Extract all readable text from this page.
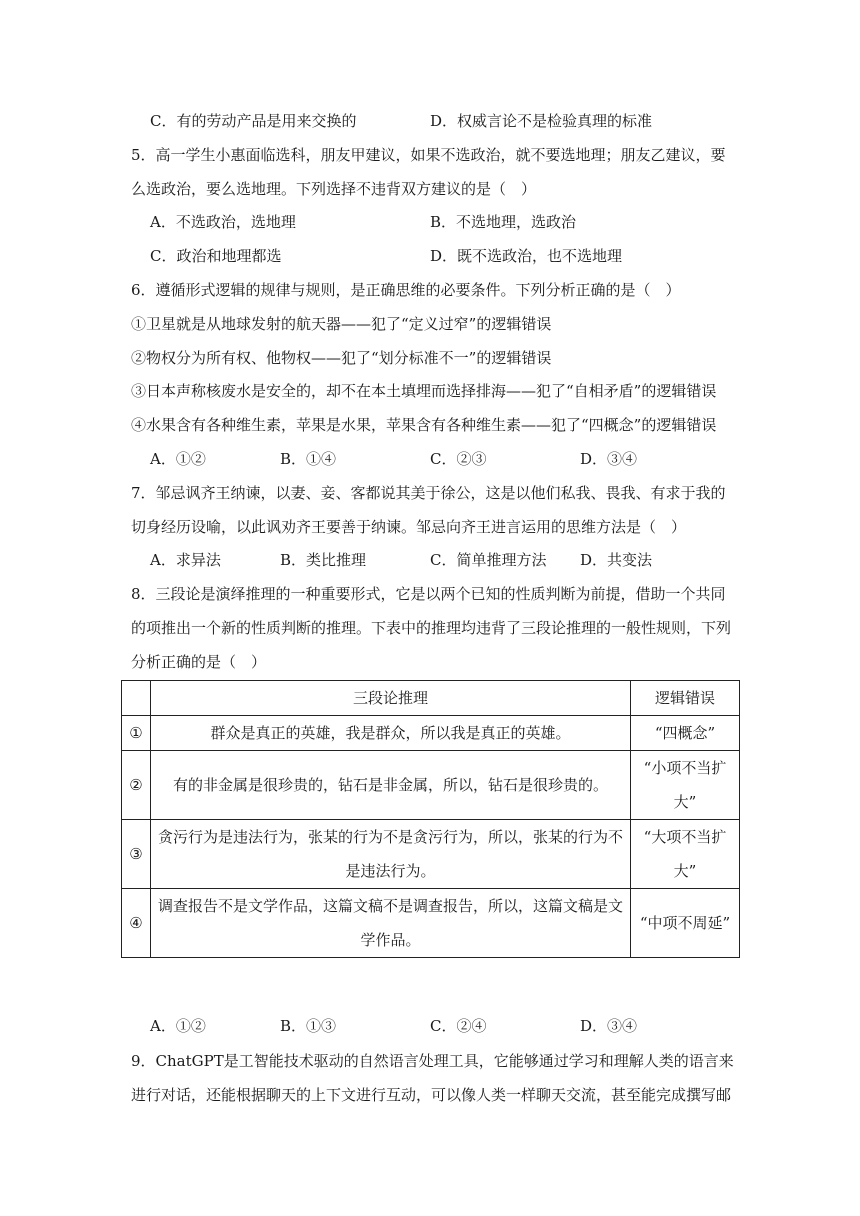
C．有的劳动产品是用来交换的	D．权威言论不是检验真理的标准
5．高一学生小惠面临选科，朋友甲建议，如果不选政治，就不要选地理；朋友乙建议，要
么选政治，要么选地理。下列选择不违背双方建议的是（　）
A．不选政治，选地理	B．不选地理，选政治
C．政治和地理都选	D．既不选政治，也不选地理
6．遵循形式逻辑的规律与规则，是正确思维的必要条件。下列分析正确的是（　）
①卫星就是从地球发射的航天器——犯了“定义过窄”的逻辑错误
②物权分为所有权、他物权——犯了“划分标准不一”的逻辑错误
③日本声称核废水是安全的，却不在本土填埋而选择排海——犯了“自相矛盾”的逻辑错误
④水果含有各种维生素，苹果是水果，苹果含有各种维生素——犯了“四概念”的逻辑错误
A．①②	B．①④	C．②③	D．③④
7．邹忌讽齐王纳谏，以妻、妾、客都说其美于徐公，这是以他们私我、畏我、有求于我的
切身经历设喻，以此讽劝齐王要善于纳谏。邹忌向齐王进言运用的思维方法是（　）
A．求异法	B．类比推理	C．简单推理方法 D．共变法
8．三段论是演绎推理的一种重要形式，它是以两个已知的性质判断为前提，借助一个共同
的项推出一个新的性质判断的推理。下表中的推理均违背了三段论推理的一般性规则，下列
分析正确的是（　）
	三段论推理	逻辑错误
①	群众是真正的英雄，我是群众，所以我是真正的英雄。	“四概念”
②	有的非金属是很珍贵的，钻石是非金属，所以，钻石是很珍贵的。	“小项不当扩
大”
③	贪污行为是违法行为，张某的行为不是贪污行为，所以，张某的行为不
是违法行为。	“大项不当扩
大”
④	调查报告不是文学作品，这篇文稿不是调查报告，所以，这篇文稿是文
学作品。	“中项不周延”
A．①②	B．①③	C．②④	D．③④
9．ChatGPT是工智能技术驱动的自然语言处理工具，它能够通过学习和理解人类的语言来
进行对话，还能根据聊天的上下文进行互动，可以像人类一样聊天交流，甚至能完成撰写邮
